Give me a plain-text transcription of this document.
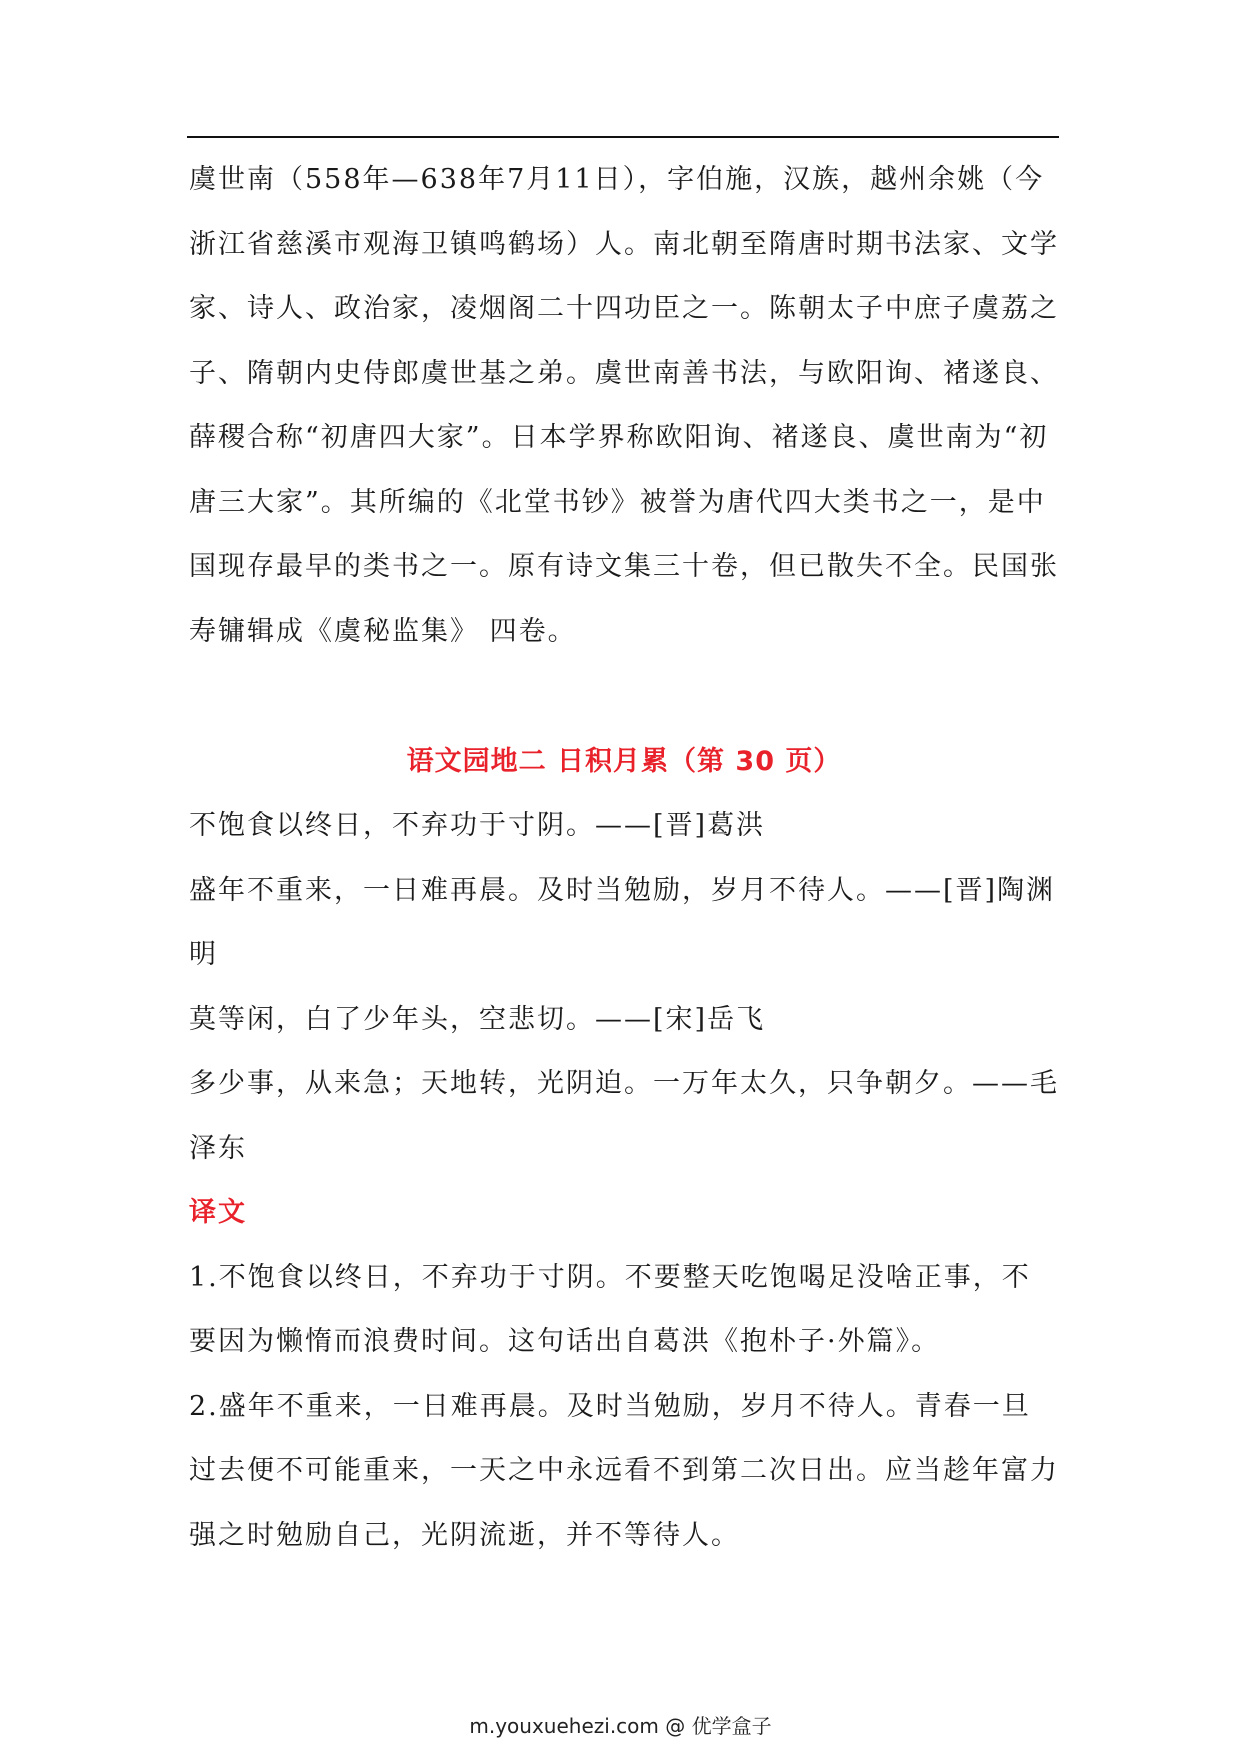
虞世南（558年—638年7月11日），字伯施，汉族，越州余姚（今浙江省慈溪市观海卫镇鸣鹤场）人。南北朝至隋唐时期书法家、文学家、诗人、政治家，凌烟阁二十四功臣之一。陈朝太子中庶子虞荔之子、隋朝内史侍郎虞世基之弟。虞世南善书法，与欧阳询、褚遂良、薛稷合称“初唐四大家”。日本学界称欧阳询、褚遂良、虞世南为“初唐三大家”。其所编的《北堂书钞》被誉为唐代四大类书之一，是中国现存最早的类书之一。原有诗文集三十卷，但已散失不全。民国张寿镛辑成《虞秘监集》 四卷。

语文园地二 日积月累（第 30 页）

不饱食以终日，不弃功于寸阴。——[晋]葛洪

盛年不重来，一日难再晨。及时当勉励，岁月不待人。——[晋]陶渊明

莫等闲，白了少年头，空悲切。——[宋]岳飞

多少事，从来急；天地转，光阴迫。一万年太久，只争朝夕。——毛泽东

译文

1.不饱食以终日，不弃功于寸阴。不要整天吃饱喝足没啥正事，不要因为懒惰而浪费时间。这句话出自葛洪《抱朴子·外篇》。

2.盛年不重来，一日难再晨。及时当勉励，岁月不待人。青春一旦过去便不可能重来，一天之中永远看不到第二次日出。应当趁年富力强之时勉励自己，光阴流逝，并不等待人。

m.youxuehezi.com @ 优学盒子
